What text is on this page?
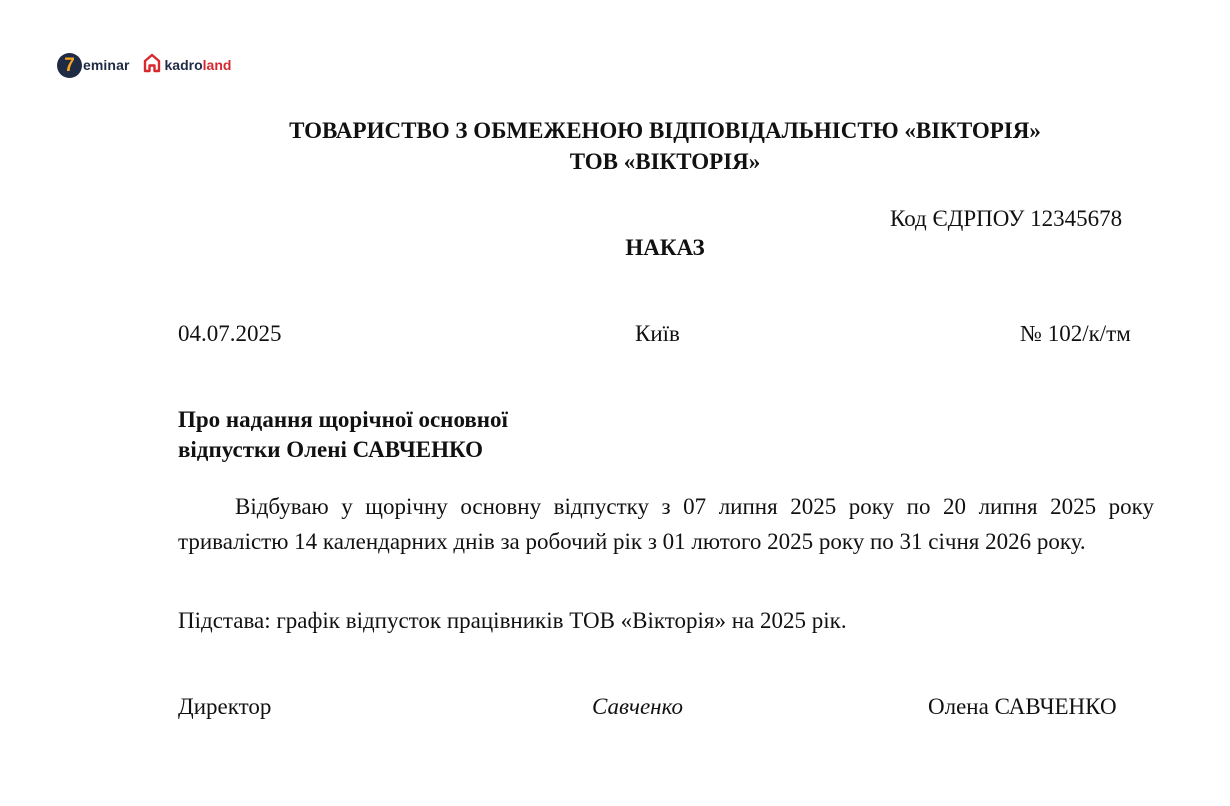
7 eminar	kadroland
ТОВАРИСТВО З ОБМЕЖЕНОЮ ВІДПОВІДАЛЬНІСТЮ «ВІКТОРІЯ»
ТОВ «ВІКТОРІЯ»
Код ЄДРПОУ 12345678
НАКАЗ
04.07.2025	Київ	№ 102/к/тм
Про надання щорічної основної
відпустки Олені САВЧЕНКО
Відбуваю у щорічну основну відпустку з 07 липня 2025 року по 20 липня 2025 року тривалістю 14 календарних днів за робочий рік з 01 лютого 2025 року по 31 січня 2026 року.
Підстава: графік відпусток працівників ТОВ «Вікторія» на 2025 рік.
Директор	Савченко	Олена САВЧЕНКО
